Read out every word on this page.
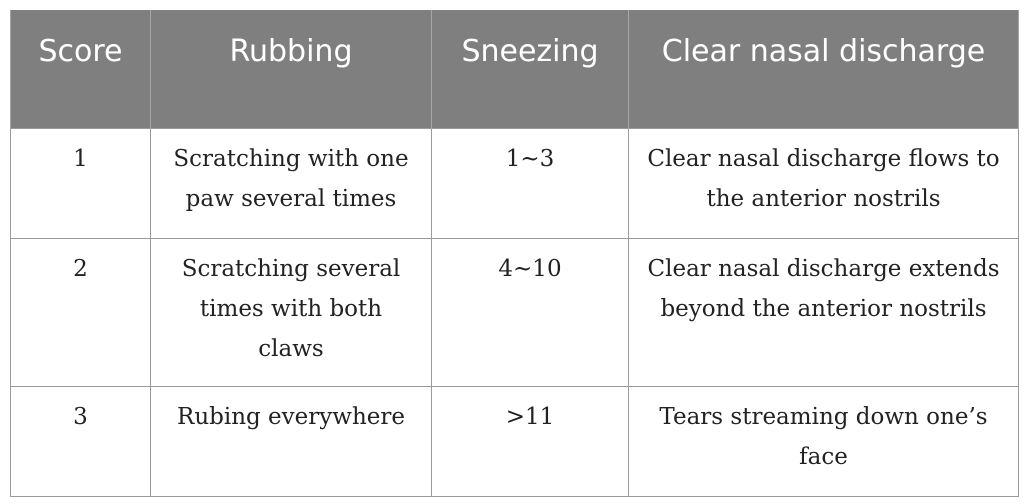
Score	Rubbing	Sneezing	Clear nasal discharge
1	Scratching with one paw several times	1~3	Clear nasal discharge flows to the anterior nostrils
2	Scratching several times with both claws	4~10	Clear nasal discharge extends beyond the anterior nostrils
3	Rubing everywhere	>11	Tears streaming down one’s face
